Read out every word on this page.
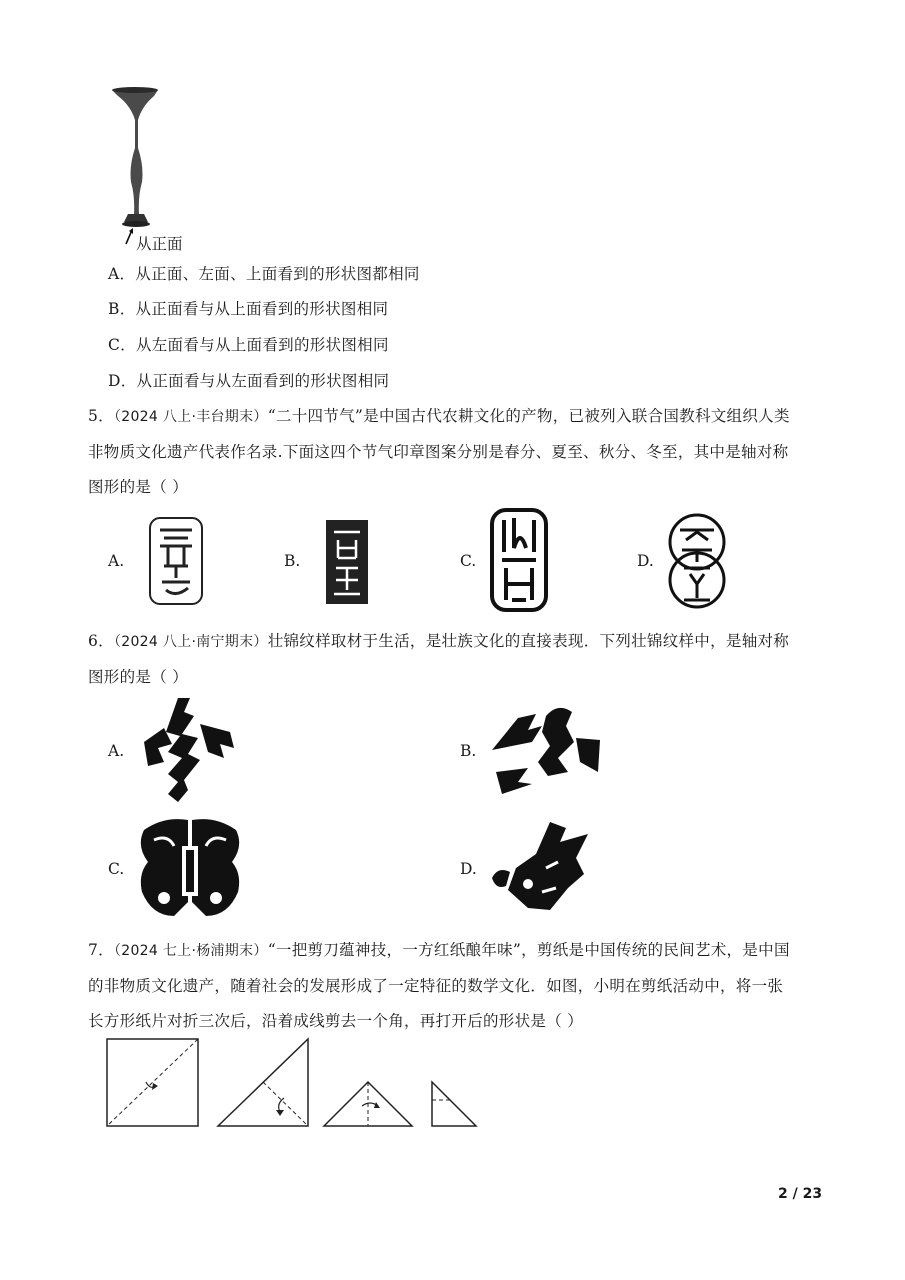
从正面
A．从正面、左面、上面看到的形状图都相同
B．从正面看与从上面看到的形状图相同
C．从左面看与从上面看到的形状图相同
D．从正面看与从左面看到的形状图相同
5．（2024 八上·丰台期末）“二十四节气”是中国古代农耕文化的产物，已被列入联合国教科文组织人类
非物质文化遗产代表作名录.下面这四个节气印章图案分别是春分、夏至、秋分、冬至，其中是轴对称
图形的是（ ）
A.	B.	C.	D.
6．（2024 八上·南宁期末）壮锦纹样取材于生活，是壮族文化的直接表现．下列壮锦纹样中，是轴对称
图形的是（ ）
A.	B.
C.	D.
7．（2024 七上·杨浦期末）“一把剪刀蕴神技，一方红纸酿年味”，剪纸是中国传统的民间艺术，是中国
的非物质文化遗产，随着社会的发展形成了一定特征的数学文化．如图，小明在剪纸活动中，将一张
长方形纸片对折三次后，沿着成线剪去一个角，再打开后的形状是（ ）
2 / 23
